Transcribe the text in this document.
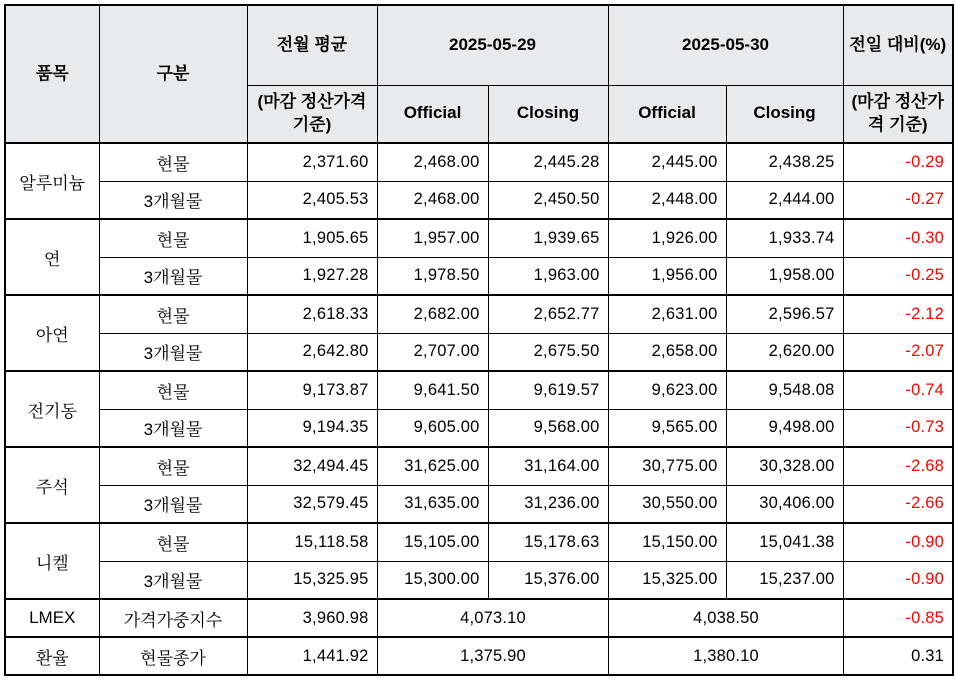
품목	구분	전월 평균	2025-05-29		2025-05-30		전일 대비(%)
		(마감 정산가격 기준)	Official	Closing	Official	Closing	(마감 정산가격 기준)
알루미늄	현물	2,371.60	2,468.00	2,445.28	2,445.00	2,438.25	-0.29
	3개월물	2,405.53	2,468.00	2,450.50	2,448.00	2,444.00	-0.27
연	현물	1,905.65	1,957.00	1,939.65	1,926.00	1,933.74	-0.30
	3개월물	1,927.28	1,978.50	1,963.00	1,956.00	1,958.00	-0.25
아연	현물	2,618.33	2,682.00	2,652.77	2,631.00	2,596.57	-2.12
	3개월물	2,642.80	2,707.00	2,675.50	2,658.00	2,620.00	-2.07
전기동	현물	9,173.87	9,641.50	9,619.57	9,623.00	9,548.08	-0.74
	3개월물	9,194.35	9,605.00	9,568.00	9,565.00	9,498.00	-0.73
주석	현물	32,494.45	31,625.00	31,164.00	30,775.00	30,328.00	-2.68
	3개월물	32,579.45	31,635.00	31,236.00	30,550.00	30,406.00	-2.66
니켈	현물	15,118.58	15,105.00	15,178.63	15,150.00	15,041.38	-0.90
	3개월물	15,325.95	15,300.00	15,376.00	15,325.00	15,237.00	-0.90
LMEX	가격가중지수	3,960.98	4,073.10		4,038.50		-0.85
환율	현물종가	1,441.92	1,375.90		1,380.10		0.31
